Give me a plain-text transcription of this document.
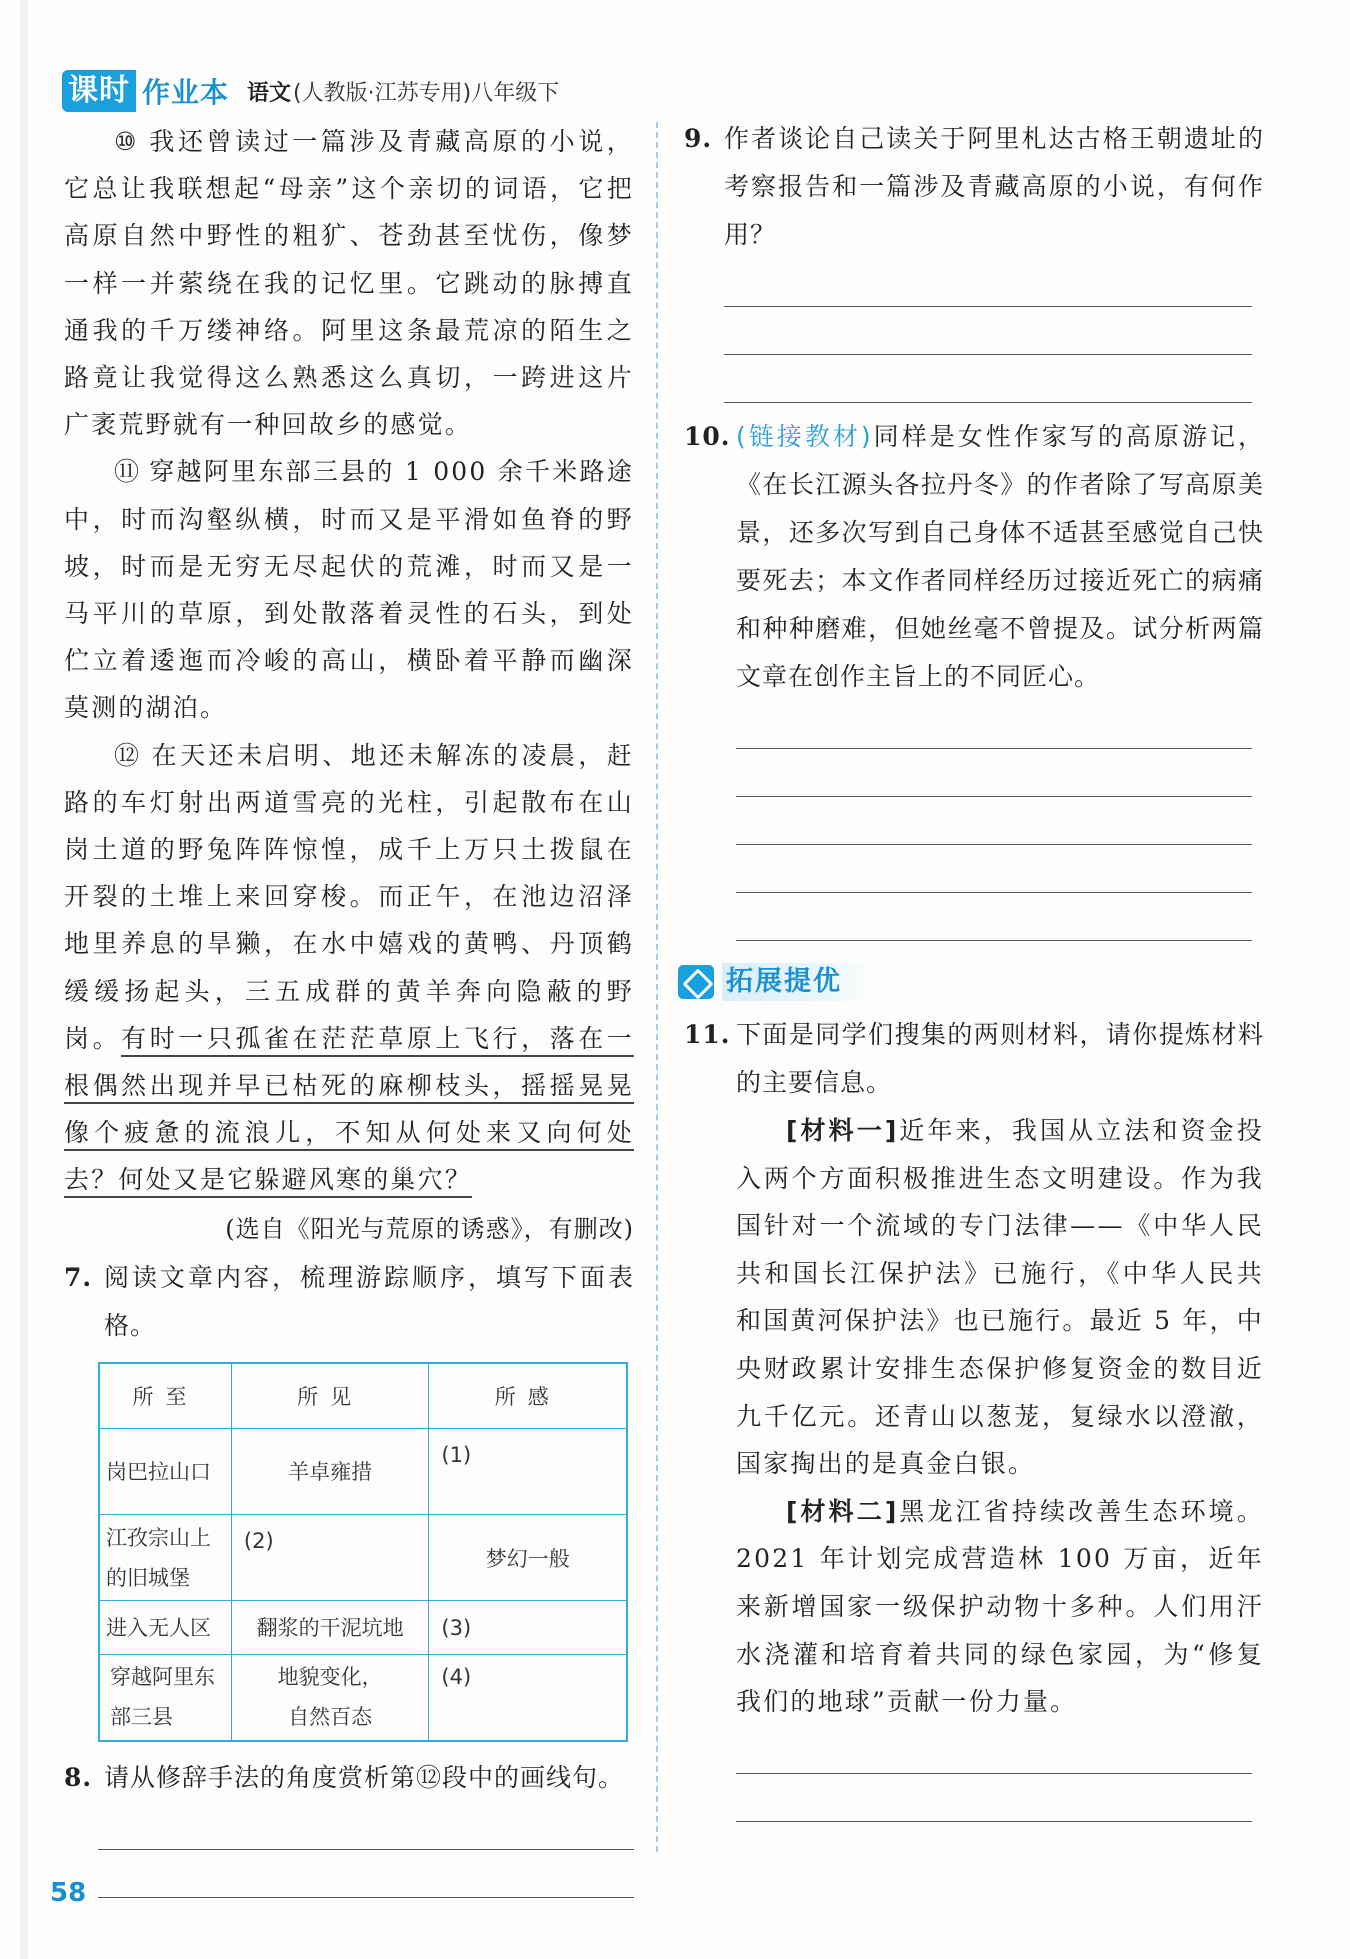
课时 作业本 语文 (人教版·江苏专用)八年级下
⑩ 我还曾读过一篇涉及青藏高原的小说，它总让我联想起“母亲”这个亲切的词语，它把高原自然中野性的粗犷、苍劲甚至忧伤，像梦一样一并萦绕在我的记忆里。它跳动的脉搏直通我的千万缕神络。阿里这条最荒凉的陌生之路竟让我觉得这么熟悉这么真切，一跨进这片广袤荒野就有一种回故乡的感觉。
⑪ 穿越阿里东部三县的 1 000 余千米路途中，时而沟壑纵横，时而又是平滑如鱼脊的野坡，时而是无穷无尽起伏的荒滩，时而又是一马平川的草原，到处散落着灵性的石头，到处伫立着逶迤而冷峻的高山，横卧着平静而幽深莫测的湖泊。
⑫ 在天还未启明、地还未解冻的凌晨，赶路的车灯射出两道雪亮的光柱，引起散布在山岗土道的野兔阵阵惊惶，成千上万只土拨鼠在开裂的土堆上来回穿梭。而正午，在池边沼泽地里养息的旱獭，在水中嬉戏的黄鸭、丹顶鹤缓缓扬起头，三五成群的黄羊奔向隐蔽的野岗。有时一只孤雀在茫茫草原上飞行，落在一根偶然出现并早已枯死的麻柳枝头，摇摇晃晃像个疲惫的流浪儿，不知从何处来又向何处去？何处又是它躲避风寒的巢穴？
(选自《阳光与荒原的诱惑》，有删改)
7. 阅读文章内容，梳理游踪顺序，填写下面表格。
所至	所见	所感
岗巴拉山口	羊卓雍措	(1)
江孜宗山上的旧城堡	(2)	梦幻一般
进入无人区	翻浆的干泥坑地	(3)
穿越阿里东部三县	地貌变化，自然百态	(4)
8. 请从修辞手法的角度赏析第⑫段中的画线句。
9. 作者谈论自己读关于阿里札达古格王朝遗址的考察报告和一篇涉及青藏高原的小说，有何作用？
10. (链接教材)同样是女性作家写的高原游记，《在长江源头各拉丹冬》的作者除了写高原美景，还多次写到自己身体不适甚至感觉自己快要死去；本文作者同样经历过接近死亡的病痛和种种磨难，但她丝毫不曾提及。试分析两篇文章在创作主旨上的不同匠心。
拓展提优
11. 下面是同学们搜集的两则材料，请你提炼材料的主要信息。
[材料一]近年来，我国从立法和资金投入两个方面积极推进生态文明建设。作为我国针对一个流域的专门法律——《中华人民共和国长江保护法》已施行，《中华人民共和国黄河保护法》也已施行。最近 5 年，中央财政累计安排生态保护修复资金的数目近九千亿元。还青山以葱茏，复绿水以澄澈，国家掏出的是真金白银。
[材料二]黑龙江省持续改善生态环境。2021 年计划完成营造林 100 万亩，近年来新增国家一级保护动物十多种。人们用汗水浇灌和培育着共同的绿色家园，为“修复我们的地球”贡献一份力量。
58
